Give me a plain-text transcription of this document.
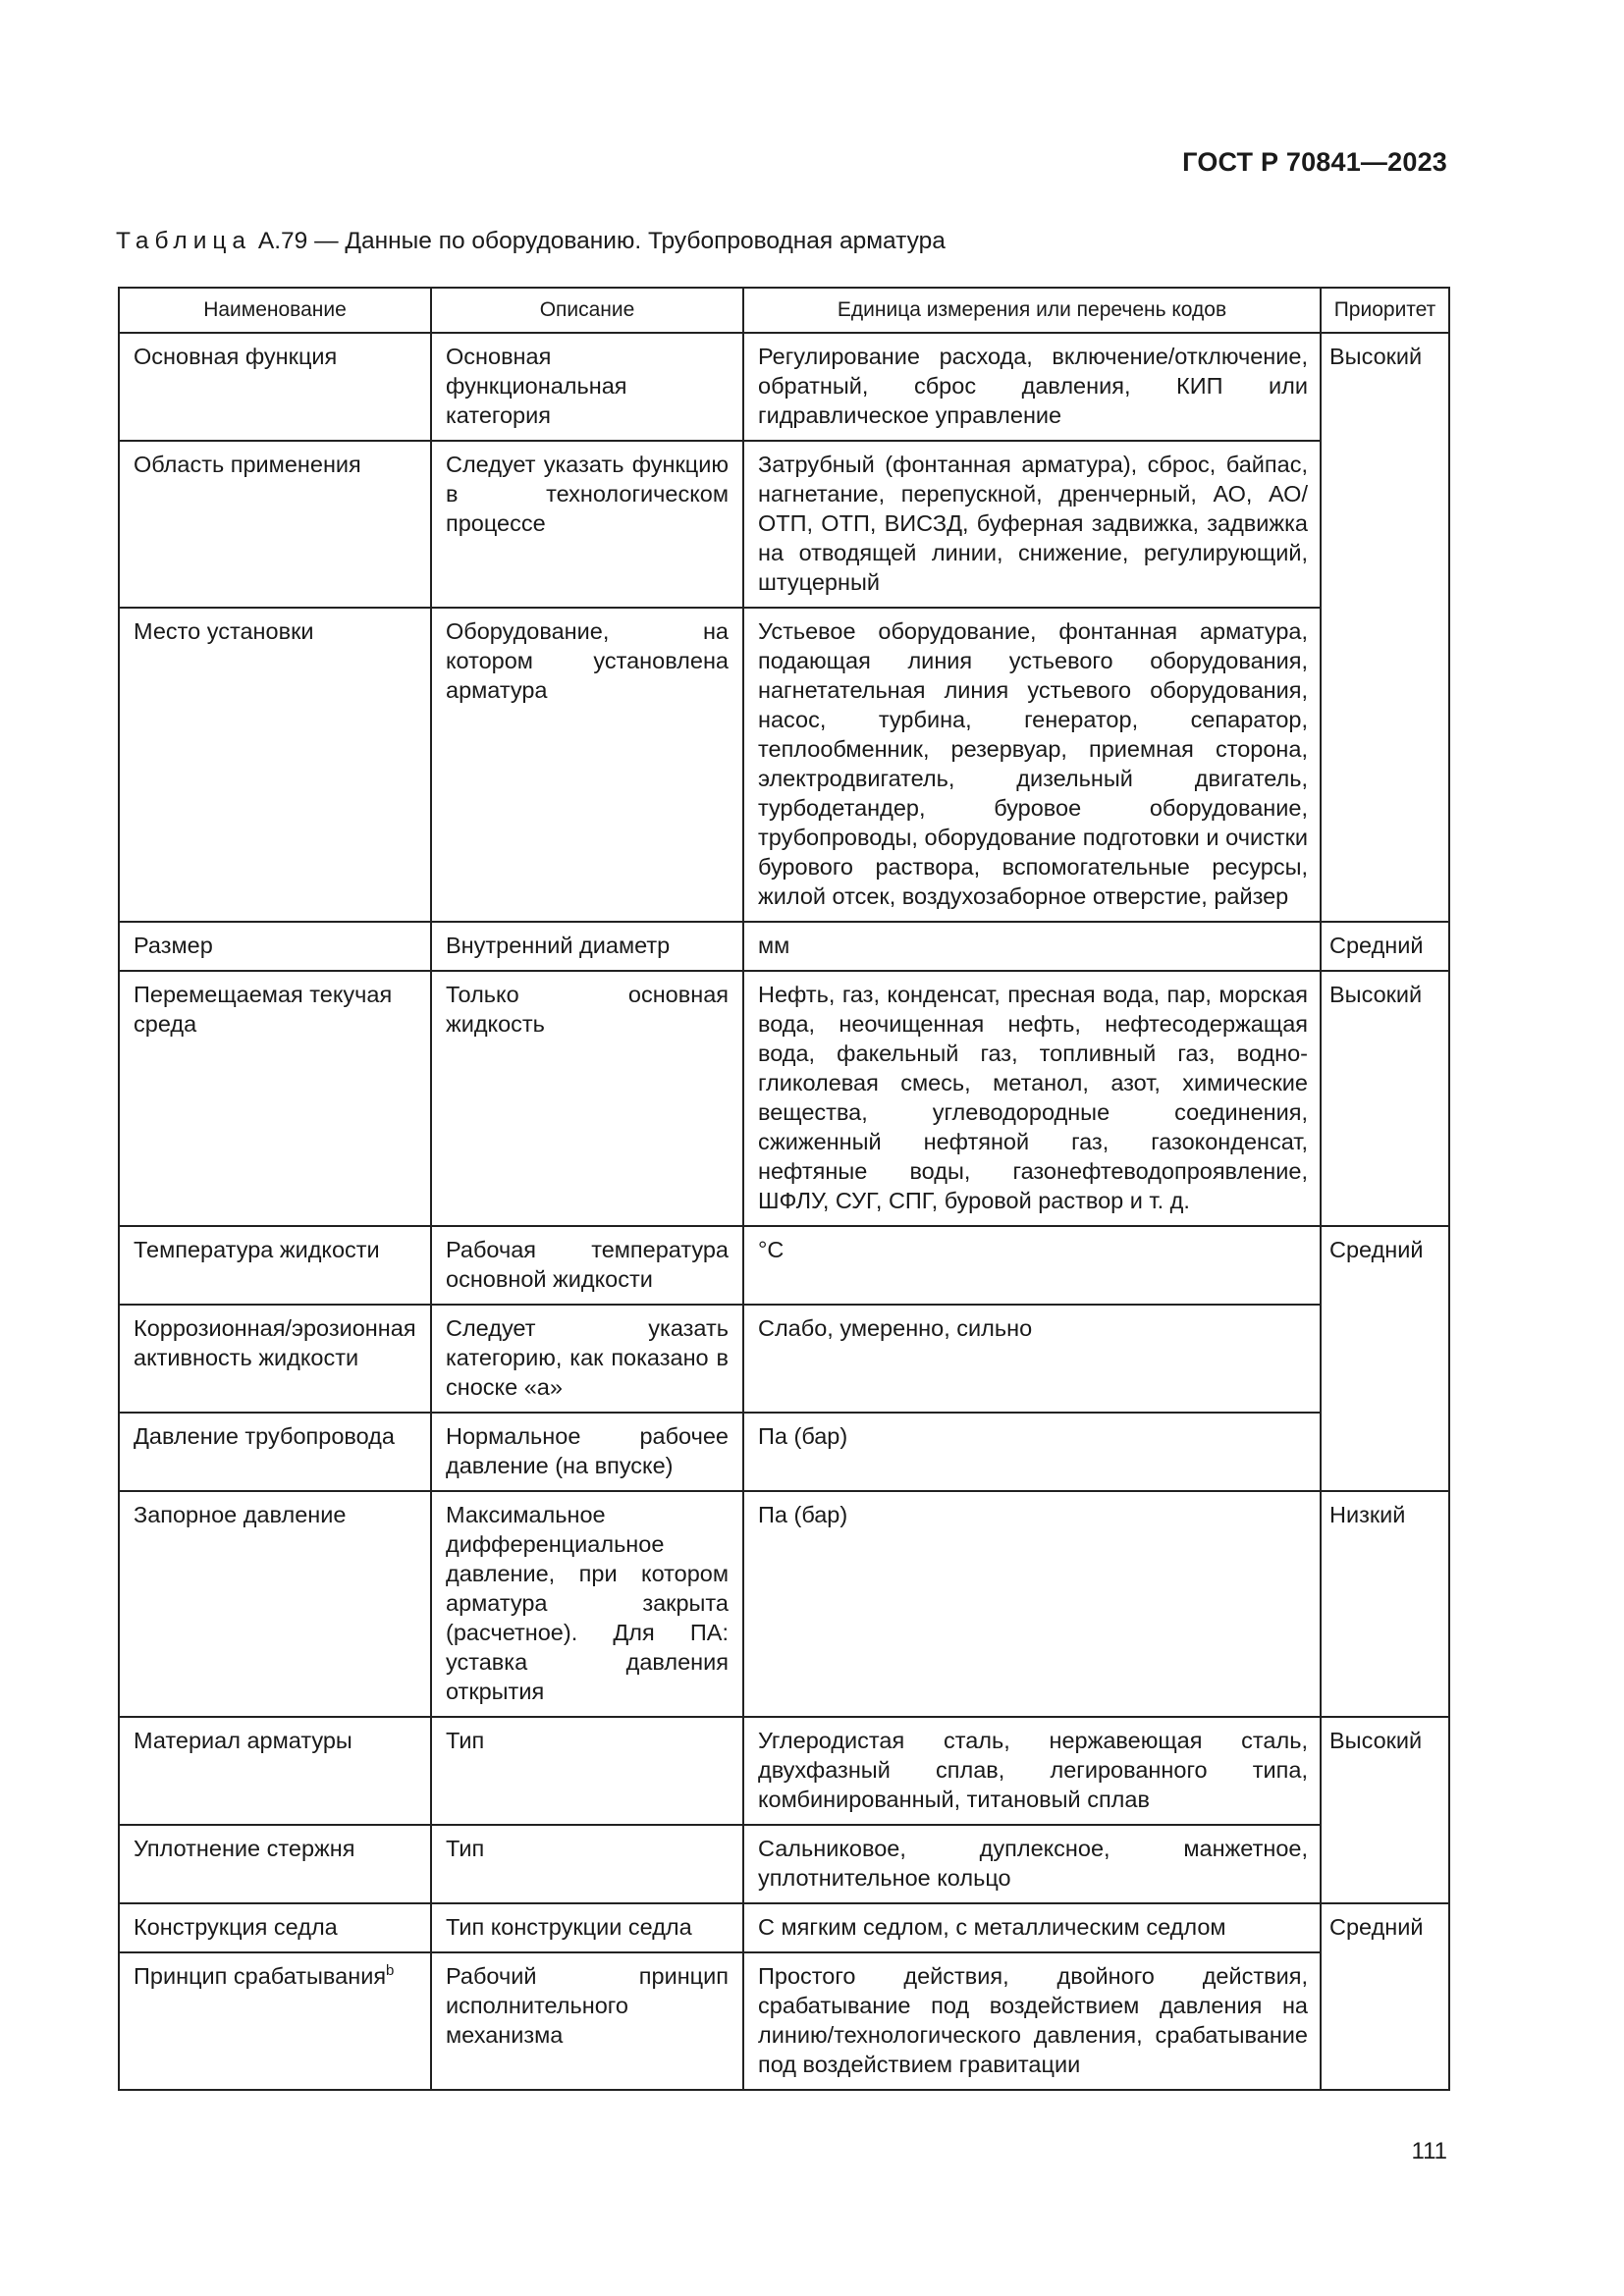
ГОСТ Р 70841—2023
Таблица А.79 — Данные по оборудованию. Трубопроводная арматура
Наименование	Описание	Единица измерения или перечень кодов	Приоритет
Основная функция	Основная функциональная категория	Регулирование расхода, включение/отключение, обратный, сброс давления, КИП или гидравлическое управление	Высокий
Область применения	Следует указать функцию в технологическом процессе	Затрубный (фонтанная арматура), сброс, байпас, нагнетание, перепускной, дренчерный, АО, АО/ОТП, ОТП, ВИСЗД, буферная задвижка, задвижка на отводящей линии, снижение, регулирующий, штуцерный	
Место установки	Оборудование, на котором установлена арматура	Устьевое оборудование, фонтанная арматура, подающая линия устьевого оборудования, нагнетательная линия устьевого оборудования, насос, турбина, генератор, сепаратор, теплообменник, резервуар, приемная сторона, электродвигатель, дизельный двигатель, турбодетандер, буровое оборудование, трубопроводы, оборудование подготовки и очистки бурового раствора, вспомогательные ресурсы, жилой отсек, воздухозаборное отверстие, райзер	
Размер	Внутренний диаметр	мм	Средний
Перемещаемая текучая среда	Только основная жидкость	Нефть, газ, конденсат, пресная вода, пар, морская вода, неочищенная нефть, нефтесодержащая вода, факельный газ, топливный газ, водно-гликолевая смесь, метанол, азот, химические вещества, углеводородные соединения, сжиженный нефтяной газ, газоконденсат, нефтяные воды, газонефтеводопроявление, ШФЛУ, СУГ, СПГ, буровой раствор и т. д.	Высокий
Температура жидкости	Рабочая температура основной жидкости	°С	Средний
Коррозионная/эрозионная активность жидкости	Следует указать категорию, как показано в сноске «а»	Слабо, умеренно, сильно	
Давление трубопровода	Нормальное рабочее давление (на впуске)	Па (бар)	
Запорное давление	Максимальное дифференциальное давление, при котором арматура закрыта (расчетное). Для ПА: уставка давления открытия	Па (бар)	Низкий
Материал арматуры	Тип	Углеродистая сталь, нержавеющая сталь, двухфазный сплав, легированного типа, комбинированный, титановый сплав	Высокий
Уплотнение стержня	Тип	Сальниковое, дуплексное, манжетное, уплотнительное кольцо	
Конструкция седла	Тип конструкции седла	С мягким седлом, с металлическим седлом	Средний
Принцип срабатывания$^b$	Рабочий принцип исполнительного механизма	Простого действия, двойного действия, срабатывание под воздействием давления на линию/технологического давления, срабатывание под воздействием гравитации	
111
